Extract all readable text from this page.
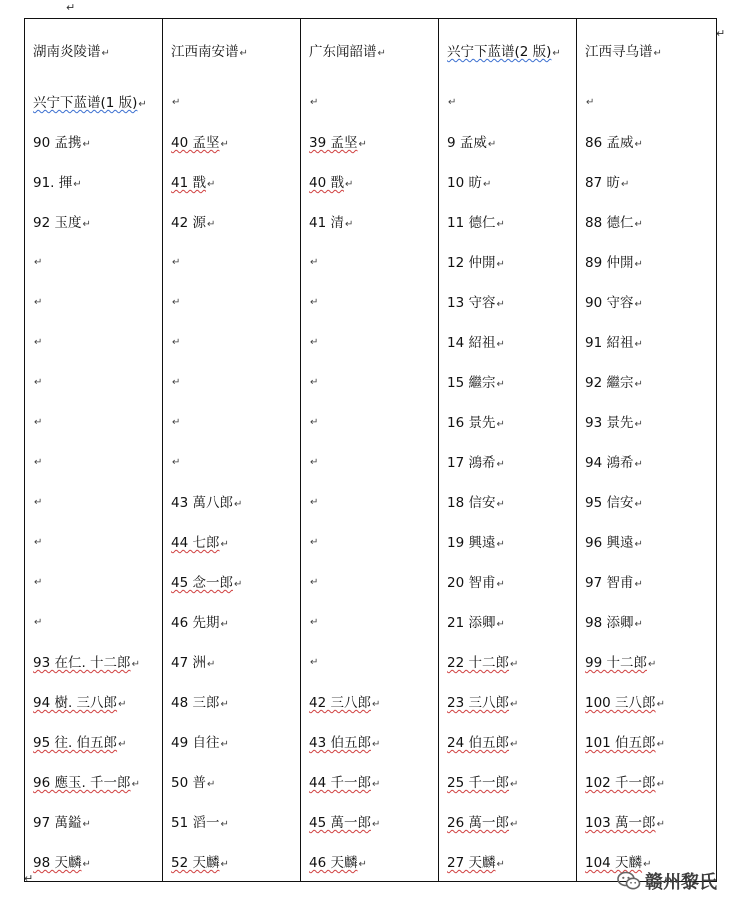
↵
↵
↵
湖南炎陵谱↵	江西南安谱↵	广东闻韶谱↵	兴宁下蓝谱(2 版)↵	江西寻乌谱↵
兴宁下蓝谱(1 版)↵	↵	↵	↵	↵
90 孟携↵	40 孟坚↵	39 孟坚↵	9 孟威↵	86 孟威↵
91. 揮↵	41 戬↵	40 戬↵	10 昉↵	87 昉↵
92 玉度↵	42 源↵	41 清↵	11 德仁↵	88 德仁↵
↵	↵	↵	12 仲開↵	89 仲開↵
↵	↵	↵	13 守容↵	90 守容↵
↵	↵	↵	14 紹祖↵	91 紹祖↵
↵	↵	↵	15 繼宗↵	92 繼宗↵
↵	↵	↵	16 景先↵	93 景先↵
↵	↵	↵	17 鴻希↵	94 鴻希↵
↵	43 萬八郎↵	↵	18 信安↵	95 信安↵
↵	44 七郎↵	↵	19 興遠↵	96 興遠↵
↵	45 念一郎↵	↵	20 智甫↵	97 智甫↵
↵	46 先期↵	↵	21 添卿↵	98 添卿↵
93 在仁. 十二郎↵	47 洲↵	↵	22 十二郎↵	99 十二郎↵
94 樹. 三八郎↵	48 三郎↵	42 三八郎↵	23 三八郎↵	100 三八郎↵
95 往. 伯五郎↵	49 自往↵	43 伯五郎↵	24 伯五郎↵	101 伯五郎↵
96 應玉. 千一郎↵	50 普↵	44 千一郎↵	25 千一郎↵	102 千一郎↵
97 萬鎰↵	51 滔一↵	45 萬一郎↵	26 萬一郎↵	103 萬一郎↵
98 天麟↵	52 天麟↵	46 天麟↵	27 天麟↵	104 天麟↵
赣州黎氏
